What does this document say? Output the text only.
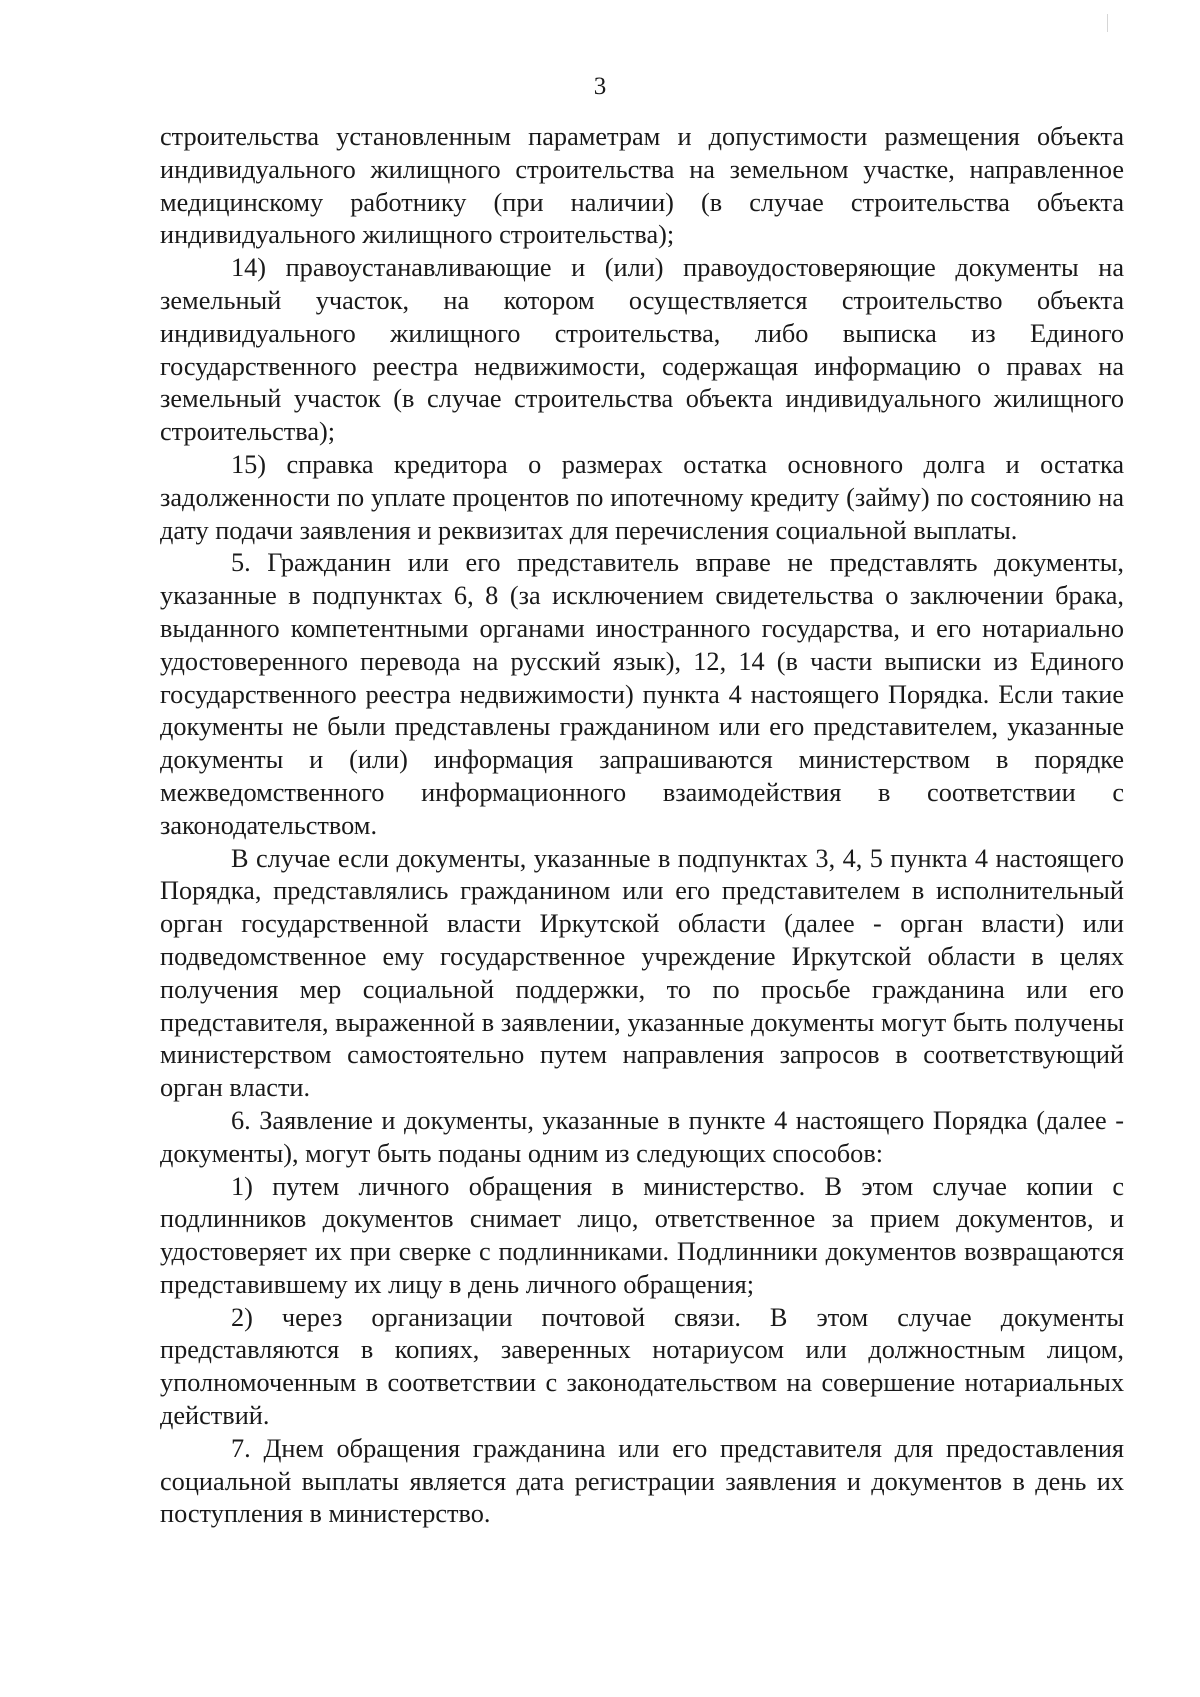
3

строительства установленным параметрам и допустимости размещения объекта индивидуального жилищного строительства на земельном участке, направленное медицинскому работнику (при наличии) (в случае строительства объекта индивидуального жилищного строительства);

14) правоустанавливающие и (или) правоудостоверяющие документы на земельный участок, на котором осуществляется строительство объекта индивидуального жилищного строительства, либо выписка из Единого государственного реестра недвижимости, содержащая информацию о правах на земельный участок (в случае строительства объекта индивидуального жилищного строительства);

15) справка кредитора о размерах остатка основного долга и остатка задолженности по уплате процентов по ипотечному кредиту (займу) по состоянию на дату подачи заявления и реквизитах для перечисления социальной выплаты.

5. Гражданин или его представитель вправе не представлять документы, указанные в подпунктах 6, 8 (за исключением свидетельства о заключении брака, выданного компетентными органами иностранного государства, и его нотариально удостоверенного перевода на русский язык), 12, 14 (в части выписки из Единого государственного реестра недвижимости) пункта 4 настоящего Порядка. Если такие документы не были представлены гражданином или его представителем, указанные документы и (или) информация запрашиваются министерством в порядке межведомственного информационного взаимодействия в соответствии с законодательством.

В случае если документы, указанные в подпунктах 3, 4, 5 пункта 4 настоящего Порядка, представлялись гражданином или его представителем в исполнительный орган государственной власти Иркутской области (далее - орган власти) или подведомственное ему государственное учреждение Иркутской области в целях получения мер социальной поддержки, то по просьбе гражданина или его представителя, выраженной в заявлении, указанные документы могут быть получены министерством самостоятельно путем направления запросов в соответствующий орган власти.

6. Заявление и документы, указанные в пункте 4 настоящего Порядка (далее - документы), могут быть поданы одним из следующих способов:

1) путем личного обращения в министерство. В этом случае копии с подлинников документов снимает лицо, ответственное за прием документов, и удостоверяет их при сверке с подлинниками. Подлинники документов возвращаются представившему их лицу в день личного обращения;

2) через организации почтовой связи. В этом случае документы представляются в копиях, заверенных нотариусом или должностным лицом, уполномоченным в соответствии с законодательством на совершение нотариальных действий.

7. Днем обращения гражданина или его представителя для предоставления социальной выплаты является дата регистрации заявления и документов в день их поступления в министерство.
